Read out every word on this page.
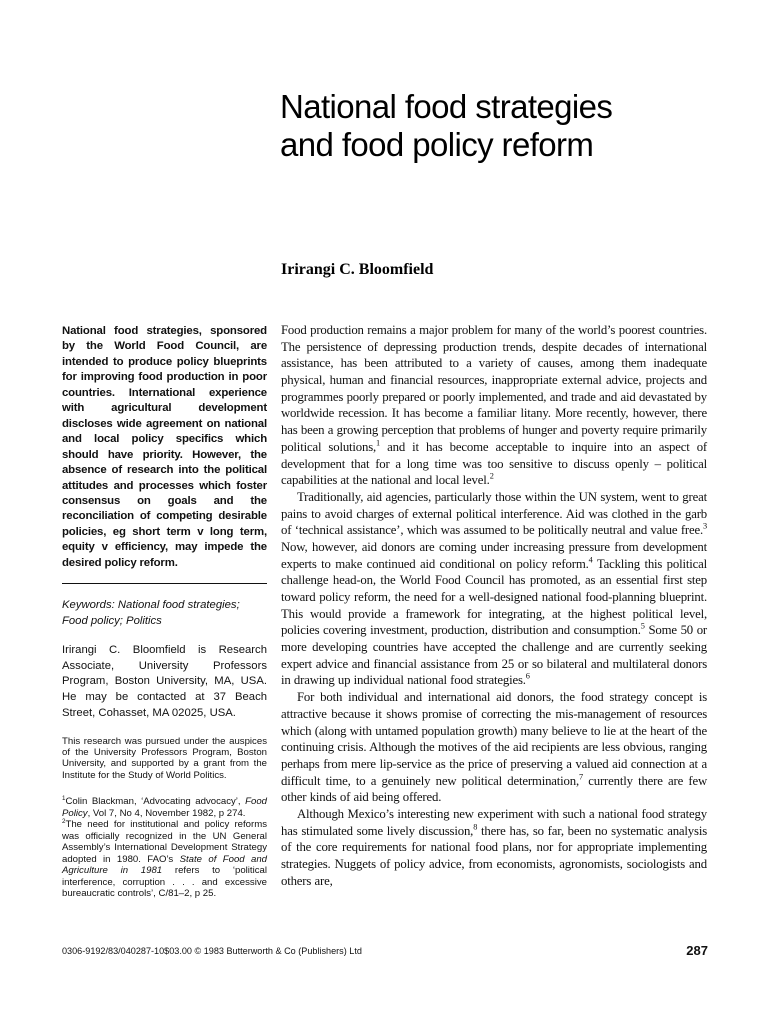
National food strategies
and food policy reform

Irirangi C. Bloomfield

National food strategies, sponsored by the World Food Council, are intended to produce policy blueprints for improving food production in poor countries. International experience with agricultural development discloses wide agreement on national and local policy specifics which should have priority. However, the absence of research into the political attitudes and processes which foster consensus on goals and the reconciliation of competing desirable policies, eg short term v long term, equity v efficiency, may impede the desired policy reform.

Keywords: National food strategies; Food policy; Politics

Irirangi C. Bloomfield is Research Associate, University Professors Program, Boston University, MA, USA. He may be contacted at 37 Beach Street, Cohasset, MA 02025, USA.

This research was pursued under the auspices of the University Professors Program, Boston University, and supported by a grant from the Institute for the Study of World Politics.

$^1$Colin Blackman, ‘Advocating advocacy’, Food Policy, Vol 7, No 4, November 1982, p 274.

$^2$The need for institutional and policy reforms was officially recognized in the UN General Assembly’s International Development Strategy adopted in 1980. FAO’s State of Food and Agriculture in 1981 refers to ‘political interference, corruption . . . and excessive bureaucratic controls’, C/81–2, p 25.

Food production remains a major problem for many of the world’s poorest countries. The persistence of depressing production trends, despite decades of international assistance, has been attributed to a variety of causes, among them inadequate physical, human and financial resources, inappropriate external advice, projects and programmes poorly prepared or poorly implemented, and trade and aid devastated by worldwide recession. It has become a familiar litany. More recently, however, there has been a growing perception that problems of hunger and poverty require primarily political solutions,$^1$ and it has become acceptable to inquire into an aspect of development that for a long time was too sensitive to discuss openly – political capabilities at the national and local level.$^2$

Traditionally, aid agencies, particularly those within the UN system, went to great pains to avoid charges of external political interference. Aid was clothed in the garb of ‘technical assistance’, which was assumed to be politically neutral and value free.$^3$ Now, however, aid donors are coming under increasing pressure from development experts to make continued aid conditional on policy reform.$^4$ Tackling this political challenge head-on, the World Food Council has promoted, as an essential first step toward policy reform, the need for a well-designed national food-planning blueprint. This would provide a framework for integrating, at the highest political level, policies covering investment, production, distribution and consumption.$^5$ Some 50 or more developing countries have accepted the challenge and are currently seeking expert advice and financial assistance from 25 or so bilateral and multilateral donors in drawing up individual national food strategies.$^6$

For both individual and international aid donors, the food strategy concept is attractive because it shows promise of correcting the mis-management of resources which (along with untamed population growth) many believe to lie at the heart of the continuing crisis. Although the motives of the aid recipients are less obvious, ranging perhaps from mere lip-service as the price of preserving a valued aid connection at a difficult time, to a genuinely new political determination,$^7$ currently there are few other kinds of aid being offered.

Although Mexico’s interesting new experiment with such a national food strategy has stimulated some lively discussion,$^8$ there has, so far, been no systematic analysis of the core requirements for national food plans, nor for appropriate implementing strategies. Nuggets of policy advice, from economists, agronomists, sociologists and others are,

0306-9192/83/040287-10$03.00 © 1983 Butterworth & Co (Publishers) Ltd	287
